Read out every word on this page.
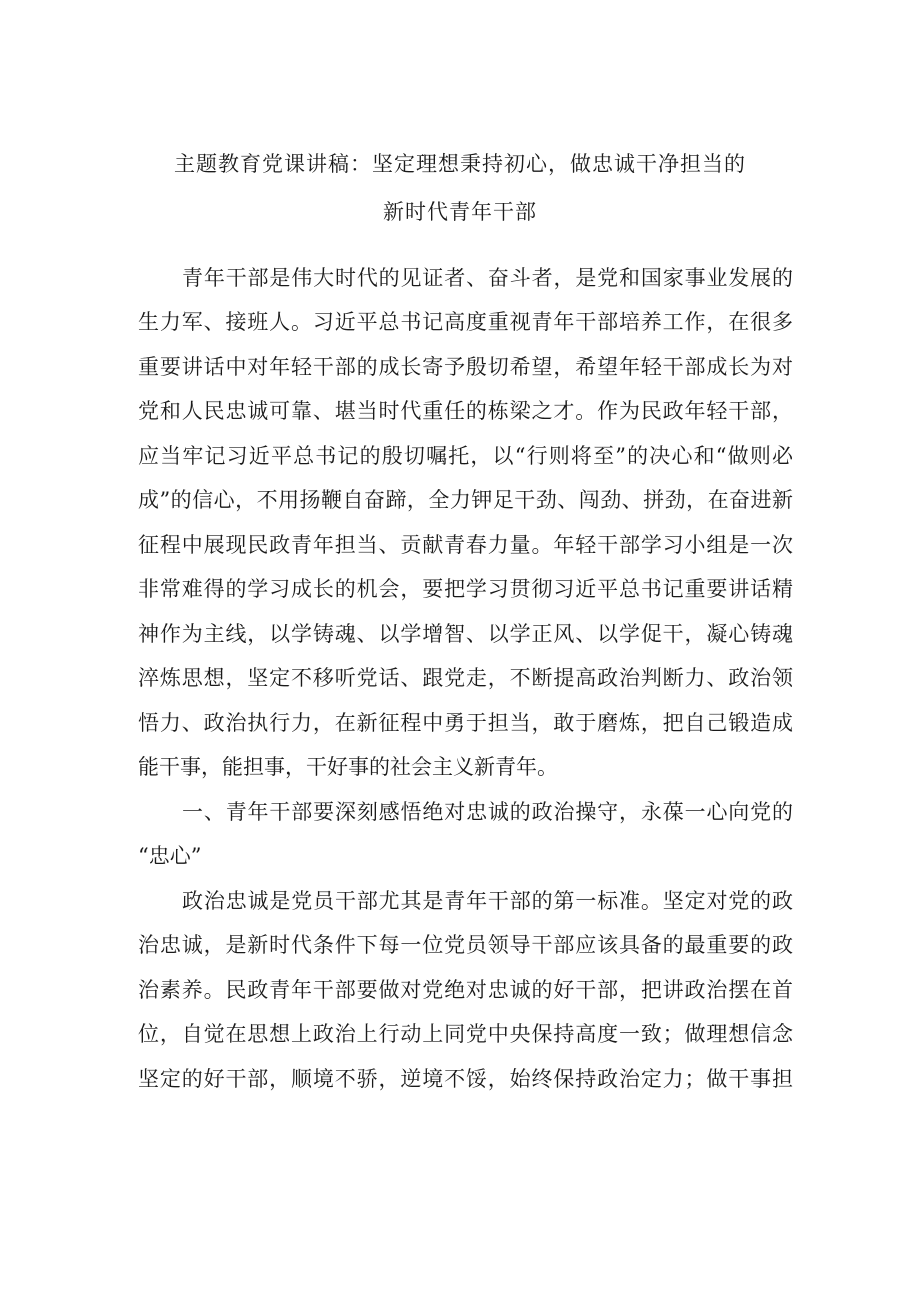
主题教育党课讲稿：坚定理想秉持初心，做忠诚干净担当的
新时代青年干部
青年干部是伟大时代的见证者、奋斗者，是党和国家事业发展的
生力军、接班人。习近平总书记高度重视青年干部培养工作，在很多
重要讲话中对年轻干部的成长寄予殷切希望，希望年轻干部成长为对
党和人民忠诚可靠、堪当时代重任的栋梁之才。作为民政年轻干部，
应当牢记习近平总书记的殷切嘱托，以“行则将至”的决心和“做则必
成”的信心，不用扬鞭自奋蹄，全力钾足干劲、闯劲、拼劲，在奋进新
征程中展现民政青年担当、贡献青春力量。年轻干部学习小组是一次
非常难得的学习成长的机会，要把学习贯彻习近平总书记重要讲话精
神作为主线，以学铸魂、以学增智、以学正风、以学促干，凝心铸魂
淬炼思想，坚定不移听党话、跟党走，不断提高政治判断力、政治领
悟力、政治执行力，在新征程中勇于担当，敢于磨炼，把自己锻造成
能干事，能担事，干好事的社会主义新青年。
一、青年干部要深刻感悟绝对忠诚的政治操守，永葆一心向党的
“忠心”
政治忠诚是党员干部尤其是青年干部的第一标准。坚定对党的政
治忠诚，是新时代条件下每一位党员领导干部应该具备的最重要的政
治素养。民政青年干部要做对党绝对忠诚的好干部，把讲政治摆在首
位，自觉在思想上政治上行动上同党中央保持高度一致；做理想信念
坚定的好干部，顺境不骄，逆境不馁，始终保持政治定力；做干事担
